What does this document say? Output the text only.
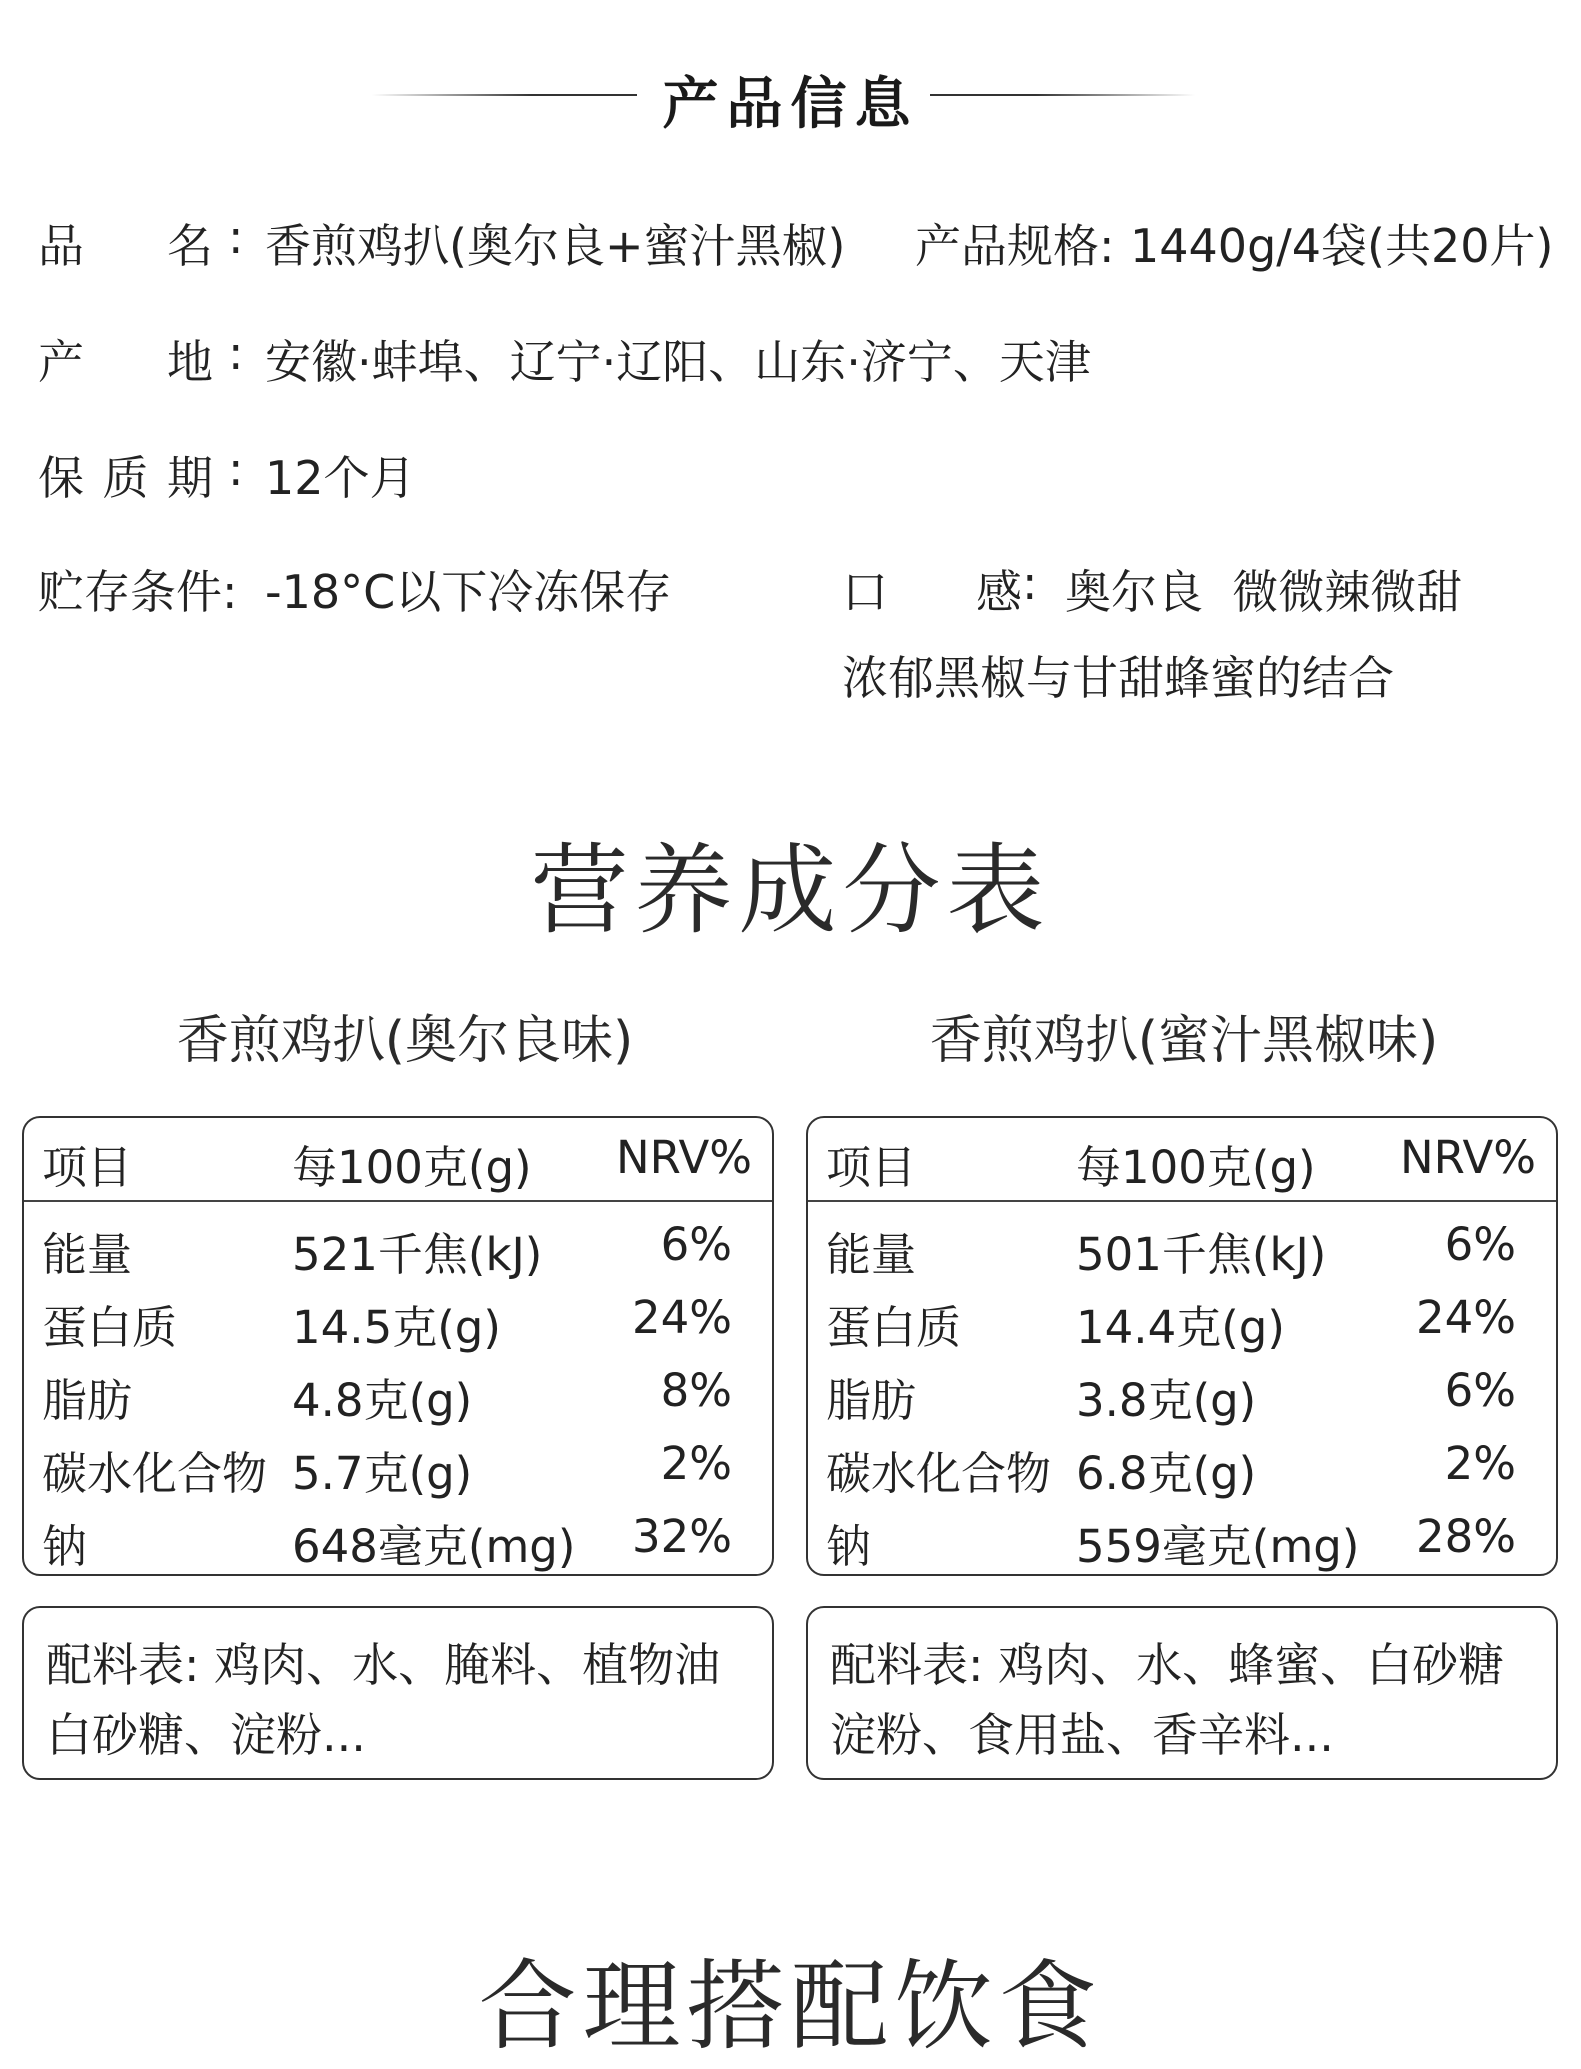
产品信息
品 名 : 香煎鸡扒(奥尔良+蜜汁黑椒) 产品规格: 1440g/4袋(共20片)
产 地 : 安徽·蚌埠、辽宁·辽阳、山东·济宁、天津
保 质 期 : 12个月
贮存条件: -18°C以下冷冻保存	口 感 : 奥尔良  微微辣微甜
浓郁黑椒与甘甜蜂蜜的结合
营养成分表
香煎鸡扒(奥尔良味)	香煎鸡扒(蜜汁黑椒味)
项目	每100克(g) NRV%
能量	521千焦(kJ)	6%
蛋白质	14.5克(g)	24%
脂肪	4.8克(g)	8%
碳水化合物 5.7克(g)	2%
钠	648毫克(mg) 32%
项目	每100克(g) NRV%
能量	501千焦(kJ)	6%
蛋白质	14.4克(g)	24%
脂肪	3.8克(g)	6%
碳水化合物 6.8克(g)	2%
钠	559毫克(mg) 28%
配料表: 鸡肉、水、腌料、植物油
白砂糖、淀粉...
配料表: 鸡肉、水、蜂蜜、白砂糖
淀粉、食用盐、香辛料...
合理搭配饮食
